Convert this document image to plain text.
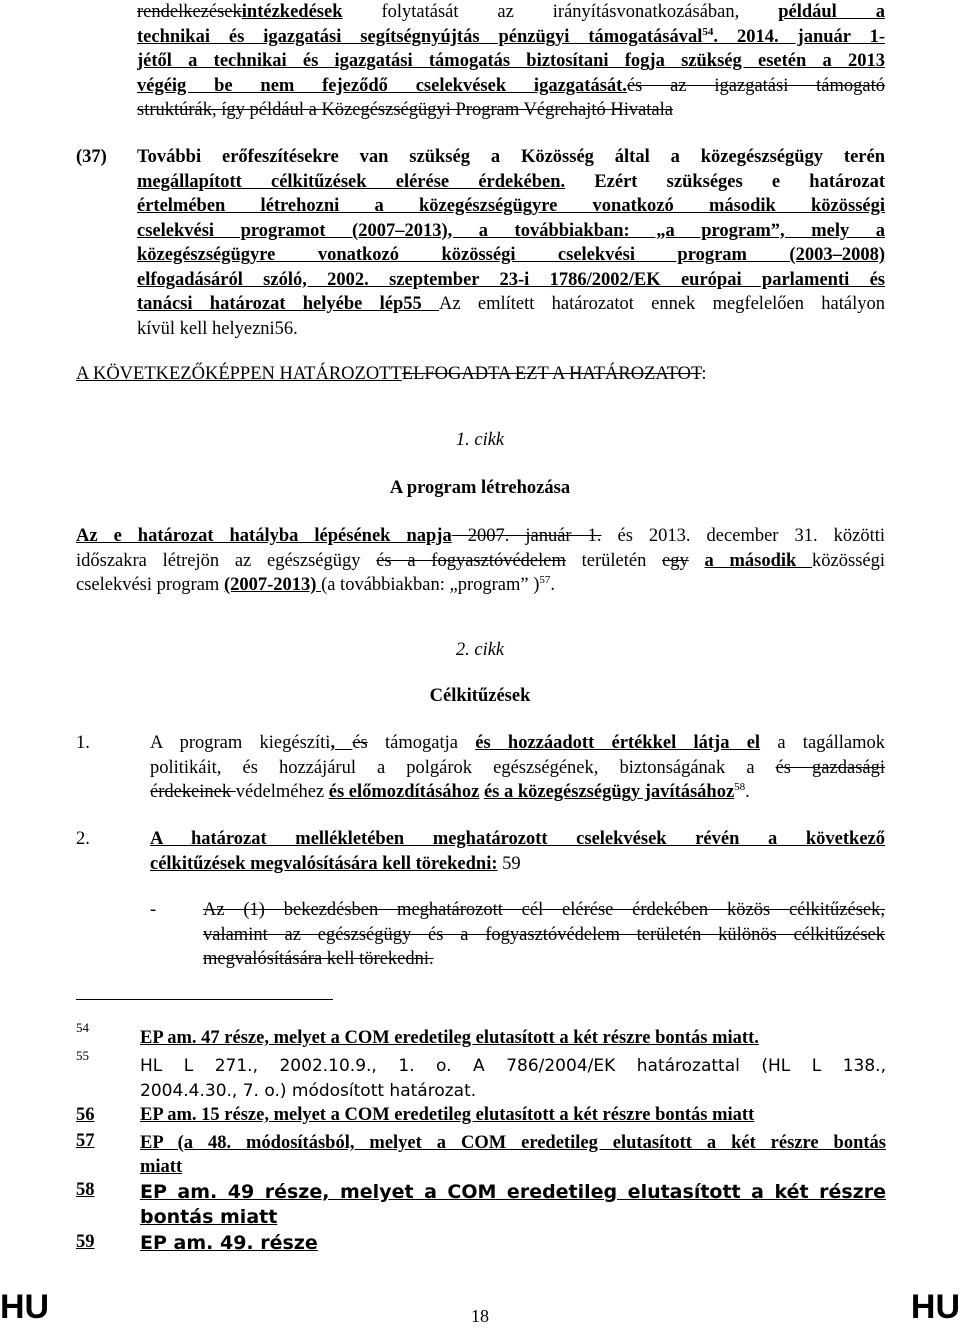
rendelkezésekintézkedések folytatását az irányításvonatkozásában, például a
technikai és igazgatási segítségnyújtás pénzügyi támogatásával$^{54}$. 2014. január 1-
jétől a technikai és igazgatási támogatás biztosítani fogja szükség esetén a 2013
végéig be nem fejeződő cselekvések igazgatását.és az igazgatási támogató
struktúrák, így például a Közegészségügyi Program Végrehajtó Hivatala
(37) További erőfeszítésekre van szükség a Közösség által a közegészségügy terén
megállapított célkitűzések elérése érdekében. Ezért szükséges e határozat
értelmében létrehozni a közegészségügyre vonatkozó második közösségi
cselekvési programot (2007–2013), a továbbiakban: „a program”, mely a
közegészségügyre vonatkozó közösségi cselekvési program (2003–2008)
elfogadásáról szóló, 2002. szeptember 23-i 1786/2002/EK európai parlamenti és
tanácsi határozat helyébe lép55 Az említett határozatot ennek megfelelően hatályon
kívül kell helyezni56.
A KÖVETKEZŐKÉPPEN HATÁROZOTTELFOGADTA EZT A HATÁROZATOT:
1. cikk
A program létrehozása
Az e határozat hatályba lépésének napja 2007. január 1. és 2013. december 31. közötti
időszakra létrejön az egészségügy és a fogyasztóvédelem területén egy a második közösségi
cselekvési program (2007-2013) (a továbbiakban: „program” )$^{57}$.
2. cikk
Célkitűzések
1.	A program kiegészíti, és támogatja és hozzáadott értékkel látja el a tagállamok
politikáit, és hozzájárul a polgárok egészségének, biztonságának a és gazdasági
érdekeinek védelméhez és előmozdításához és a közegészségügy javításához$^{58}$.
2.	A határozat mellékletében meghatározott cselekvések révén a következő
célkitűzések megvalósítására kell törekedni: 59
-	Az (1) bekezdésben meghatározott cél elérése érdekében közös célkitűzések,
valamint az egészségügy és a fogyasztóvédelem területén különös célkitűzések
megvalósítására kell törekedni.
54
EP am. 47 része, melyet a COM eredetileg elutasított a két részre bontás miatt.
55
HL L 271., 2002.10.9., 1. o. A 786/2004/EK határozattal (HL L 138.,
2004.4.30., 7. o.) módosított határozat.
56 EP am. 15 része, melyet a COM eredetileg elutasított a két részre bontás miatt
57 EP (a 48. módosításból, melyet a COM eredetileg elutasított a két részre bontás
miatt
58 EP am. 49 része, melyet a COM eredetileg elutasított a két részre
bontás miatt
59 EP am. 49. része
HU	18	HU
